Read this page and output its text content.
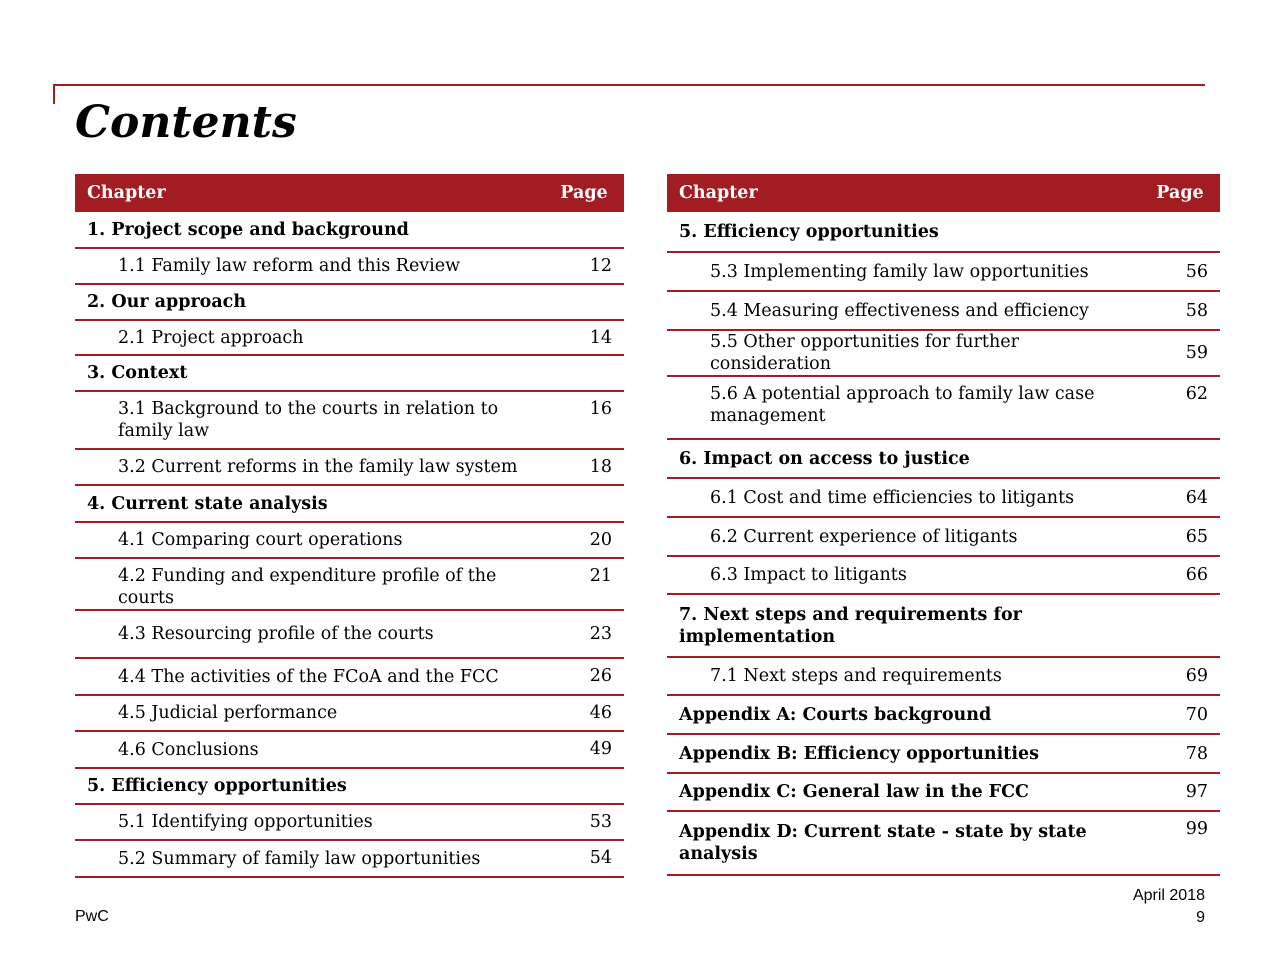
Contents
Chapter	Page
1. Project scope and background	
1.1 Family law reform and this Review	12
2. Our approach	
2.1 Project approach	14
3. Context	
3.1 Background to the courts in relation to family law	16
3.2 Current reforms in the family law system	18
4. Current state analysis	
4.1 Comparing court operations	20
4.2 Funding and expenditure profile of the courts	21
4.3 Resourcing profile of the courts	23
4.4 The activities of the FCoA and the FCC	26
4.5 Judicial performance	46
4.6 Conclusions	49
5. Efficiency opportunities	
5.1 Identifying opportunities	53
5.2 Summary of family law opportunities	54
Chapter	Page
5. Efficiency opportunities	
5.3 Implementing family law opportunities	56
5.4 Measuring effectiveness and efficiency	58
5.5 Other opportunities for further consideration	59
5.6 A potential approach to family law case management	62
6. Impact on access to justice	
6.1 Cost and time efficiencies to litigants	64
6.2 Current experience of litigants	65
6.3 Impact to litigants	66
7. Next steps and requirements for implementation	
7.1 Next steps and requirements	69
Appendix A: Courts background	70
Appendix B: Efficiency opportunities	78
Appendix C: General law in the FCC	97
Appendix D: Current state - state by state analysis	99
PwC
April 2018
9
